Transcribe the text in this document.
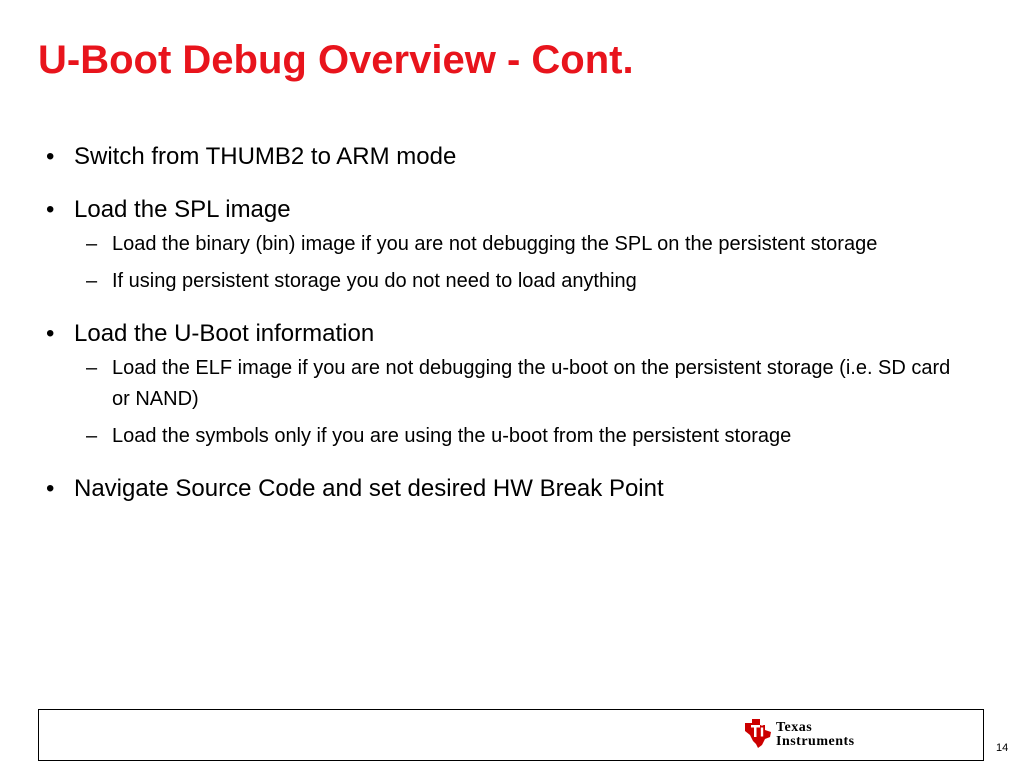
U-Boot Debug Overview - Cont.
• Switch from THUMB2 to ARM mode
• Load the SPL image
– Load the binary (bin) image if you are not debugging the SPL on the persistent storage
– If using persistent storage you do not need to load anything
• Load the U-Boot information
– Load the ELF image if you are not debugging the u-boot on the persistent storage (i.e. SD card or NAND)
– Load the symbols only if you are using the u-boot from the persistent storage
• Navigate Source Code and set desired HW Break Point
Texas
Instruments	14
